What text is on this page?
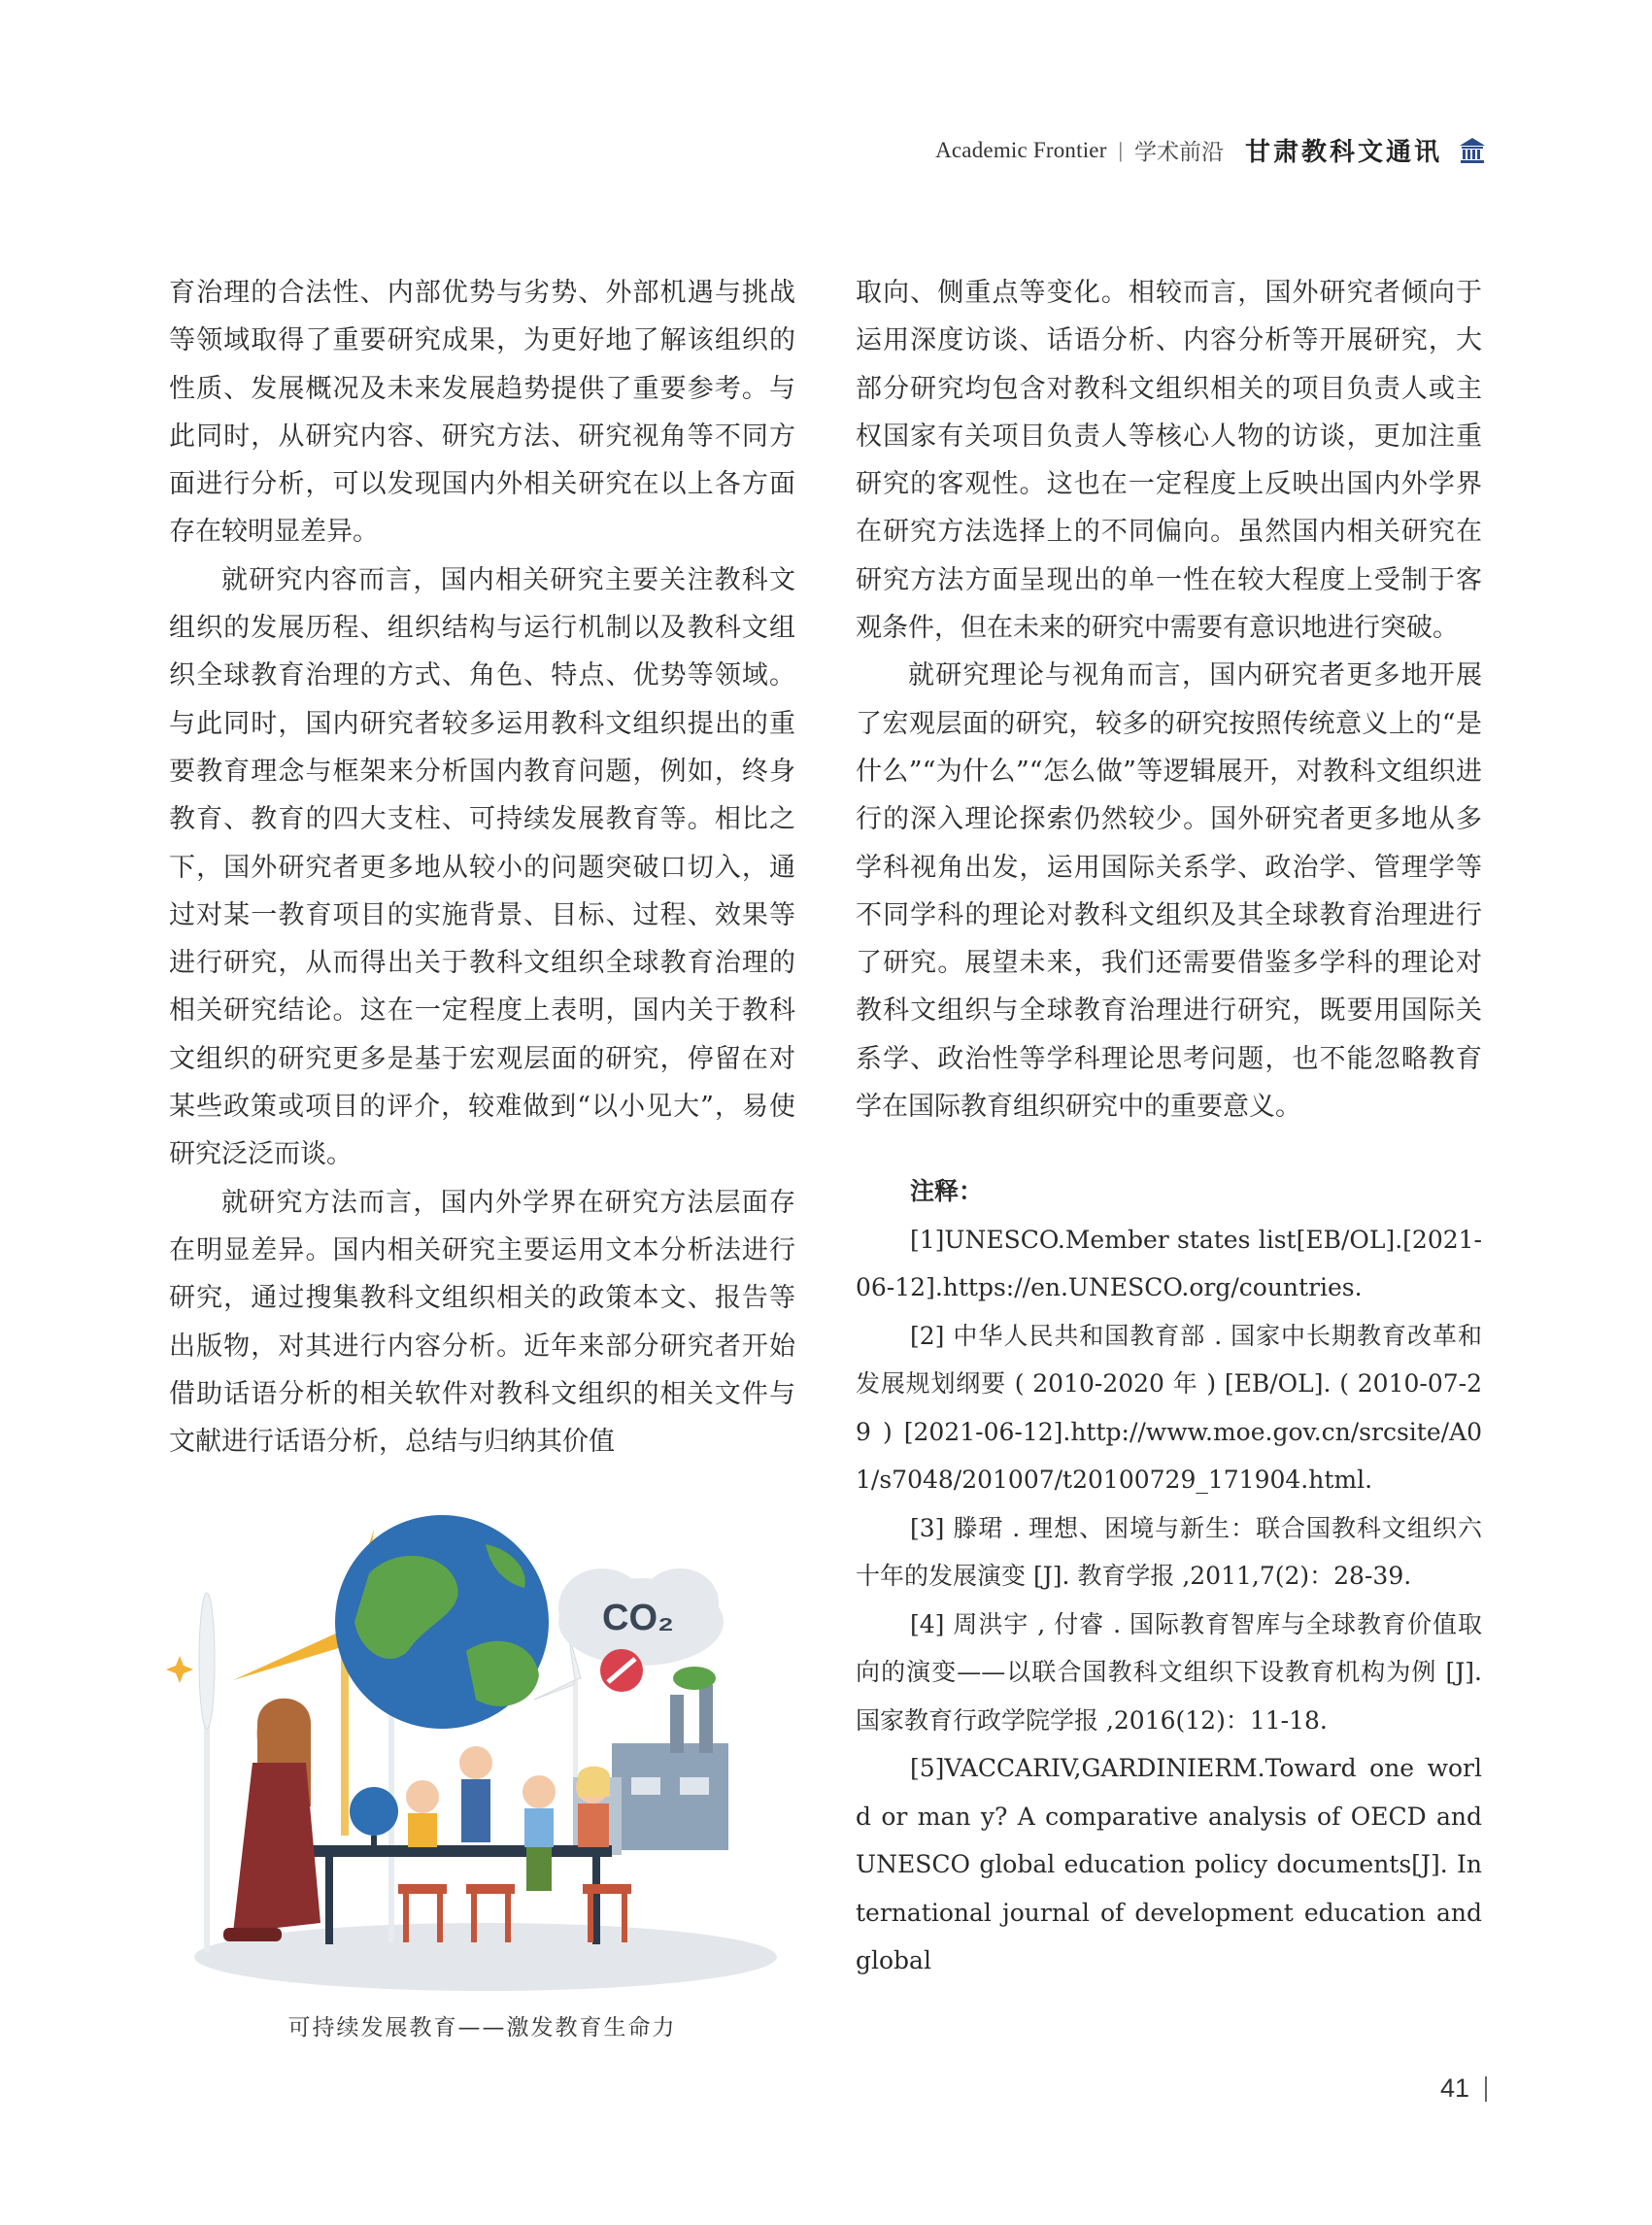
Academic Frontier | 学术前沿 甘肃教科文通讯

育治理的合法性、内部优势与劣势、外部机遇与挑战等领域取得了重要研究成果，为更好地了解该组织的性质、发展概况及未来发展趋势提供了重要参考。与此同时，从研究内容、研究方法、研究视角等不同方面进行分析，可以发现国内外相关研究在以上各方面存在较明显差异。

就研究内容而言，国内相关研究主要关注教科文组织的发展历程、组织结构与运行机制以及教科文组织全球教育治理的方式、角色、特点、优势等领域。与此同时，国内研究者较多运用教科文组织提出的重要教育理念与框架来分析国内教育问题，例如，终身教育、教育的四大支柱、可持续发展教育等。相比之下，国外研究者更多地从较小的问题突破口切入，通过对某一教育项目的实施背景、目标、过程、效果等进行研究，从而得出关于教科文组织全球教育治理的相关研究结论。这在一定程度上表明，国内关于教科文组织的研究更多是基于宏观层面的研究，停留在对某些政策或项目的评介，较难做到“以小见大”，易使研究泛泛而谈。

就研究方法而言，国内外学界在研究方法层面存在明显差异。国内相关研究主要运用文本分析法进行研究，通过搜集教科文组织相关的政策本文、报告等出版物，对其进行内容分析。近年来部分研究者开始借助话语分析的相关软件对教科文组织的相关文件与文献进行话语分析，总结与归纳其价值

取向、侧重点等变化。相较而言，国外研究者倾向于运用深度访谈、话语分析、内容分析等开展研究，大部分研究均包含对教科文组织相关的项目负责人或主权国家有关项目负责人等核心人物的访谈，更加注重研究的客观性。这也在一定程度上反映出国内外学界在研究方法选择上的不同偏向。虽然国内相关研究在研究方法方面呈现出的单一性在较大程度上受制于客观条件，但在未来的研究中需要有意识地进行突破。

就研究理论与视角而言，国内研究者更多地开展了宏观层面的研究，较多的研究按照传统意义上的“是什么”“为什么”“怎么做”等逻辑展开，对教科文组织进行的深入理论探索仍然较少。国外研究者更多地从多学科视角出发，运用国际关系学、政治学、管理学等不同学科的理论对教科文组织及其全球教育治理进行了研究。展望未来，我们还需要借鉴多学科的理论对教科文组织与全球教育治理进行研究，既要用国际关系学、政治性等学科理论思考问题，也不能忽略教育学在国际教育组织研究中的重要意义。

注释：

[1]UNESCO.Member states list[EB/OL].[2021-06-12].https://en.UNESCO.org/countries.

[2] 中华人民共和国教育部 . 国家中长期教育改革和发展规划纲要 ( 2010-2020 年 ) [EB/OL]. ( 2010-07-29 ) [2021-06-12].http://www.moe.gov.cn/srcsite/A01/s7048/201007/t20100729_171904.html.

[3] 滕珺 . 理想、困境与新生：联合国教科文组织六十年的发展演变 [J]. 教育学报 ,2011,7(2)：28-39.

[4] 周洪宇 , 付睿 . 国际教育智库与全球教育价值取向的演变——以联合国教科文组织下设教育机构为例 [J]. 国家教育行政学院学报 ,2016(12)：11-18.

[5]VACCARIV,GARDINIERM.Toward one world or man y? A comparative analysis of OECD and UNESCO global education policy documents[J]. International journal of development education and global

CO₂
可持续发展教育——激发教育生命力
41
